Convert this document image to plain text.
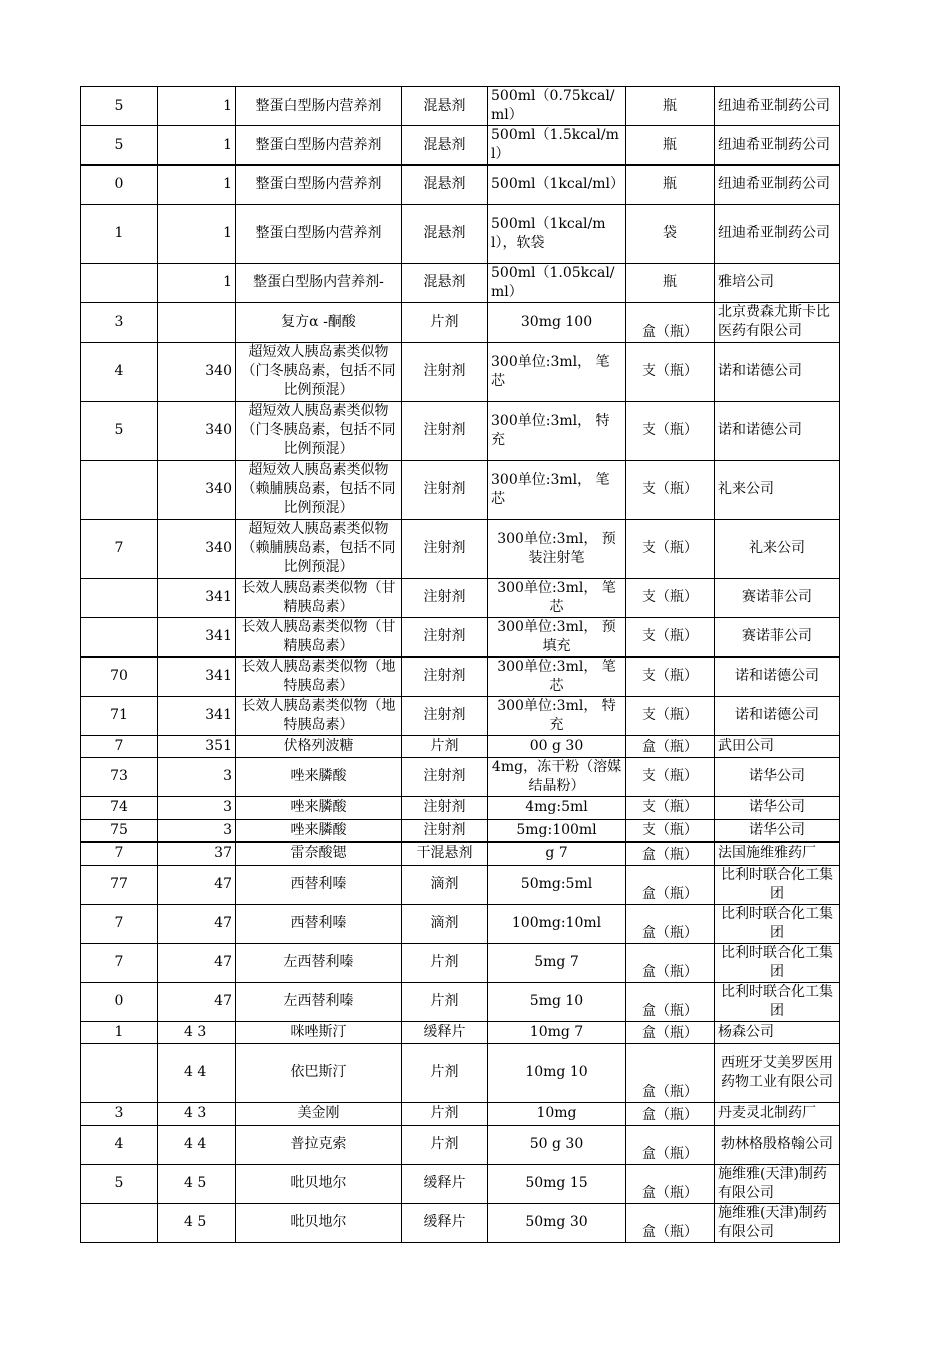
5	1	整蛋白型肠内营养剂	混悬剂	500ml（0.75kcal/ml）	瓶	纽迪希亚制药公司
5	1	整蛋白型肠内营养剂	混悬剂	500ml（1.5kcal/ml）	瓶	纽迪希亚制药公司
0	1	整蛋白型肠内营养剂	混悬剂	500ml（1kcal/ml）	瓶	纽迪希亚制药公司
1	1	整蛋白型肠内营养剂	混悬剂	500ml（1kcal/ml），软袋	袋	纽迪希亚制药公司
	1	整蛋白型肠内营养剂-	混悬剂	500ml（1.05kcal/ml）	瓶	雅培公司
3		复方α -酮酸	片剂	30mg 100	盒（瓶）	北京费森尤斯卡比医药有限公司
4	340	超短效人胰岛素类似物（门冬胰岛素，包括不同比例预混）	注射剂	300单位:3ml， 笔芯	支（瓶）	诺和诺德公司
5	340	超短效人胰岛素类似物（门冬胰岛素，包括不同比例预混）	注射剂	300单位:3ml， 特充	支（瓶）	诺和诺德公司
	340	超短效人胰岛素类似物（赖脯胰岛素，包括不同比例预混）	注射剂	300单位:3ml， 笔芯	支（瓶）	礼来公司
7	340	超短效人胰岛素类似物（赖脯胰岛素，包括不同比例预混）	注射剂	300单位:3ml， 预装注射笔	支（瓶）	礼来公司
	341	长效人胰岛素类似物（甘精胰岛素）	注射剂	300单位:3ml， 笔芯	支（瓶）	赛诺菲公司
	341	长效人胰岛素类似物（甘精胰岛素）	注射剂	300单位:3ml， 预填充	支（瓶）	赛诺菲公司
70	341	长效人胰岛素类似物（地特胰岛素）	注射剂	300单位:3ml， 笔芯	支（瓶）	诺和诺德公司
71	341	长效人胰岛素类似物（地特胰岛素）	注射剂	300单位:3ml， 特充	支（瓶）	诺和诺德公司
7	351	伏格列波糖	片剂	00 g 30	盒（瓶）	武田公司
73	3	唑来膦酸	注射剂	4mg，冻干粉（溶媒结晶粉）	支（瓶）	诺华公司
74	3	唑来膦酸	注射剂	4mg:5ml	支（瓶）	诺华公司
75	3	唑来膦酸	注射剂	5mg:100ml	支（瓶）	诺华公司
7	37	雷奈酸锶	干混悬剂	g 7	盒（瓶）	法国施维雅药厂
77	47	西替利嗪	滴剂	50mg:5ml	盒（瓶）	比利时联合化工集团
7	47	西替利嗪	滴剂	100mg:10ml	盒（瓶）	比利时联合化工集团
7	47	左西替利嗪	片剂	5mg 7	盒（瓶）	比利时联合化工集团
0	47	左西替利嗪	片剂	5mg 10	盒（瓶）	比利时联合化工集团
1	4 3	咪唑斯汀	缓释片	10mg 7	盒（瓶）	杨森公司
	4 4	依巴斯汀	片剂	10mg 10	盒（瓶）	西班牙艾美罗医用药物工业有限公司
3	4 3	美金刚	片剂	10mg	盒（瓶）	丹麦灵北制药厂
4	4 4	普拉克索	片剂	50 g 30	盒（瓶）	勃林格殷格翰公司
5	4 5	吡贝地尔	缓释片	50mg 15	盒（瓶）	施维雅(天津)制药有限公司
	4 5	吡贝地尔	缓释片	50mg 30	盒（瓶）	施维雅(天津)制药有限公司
